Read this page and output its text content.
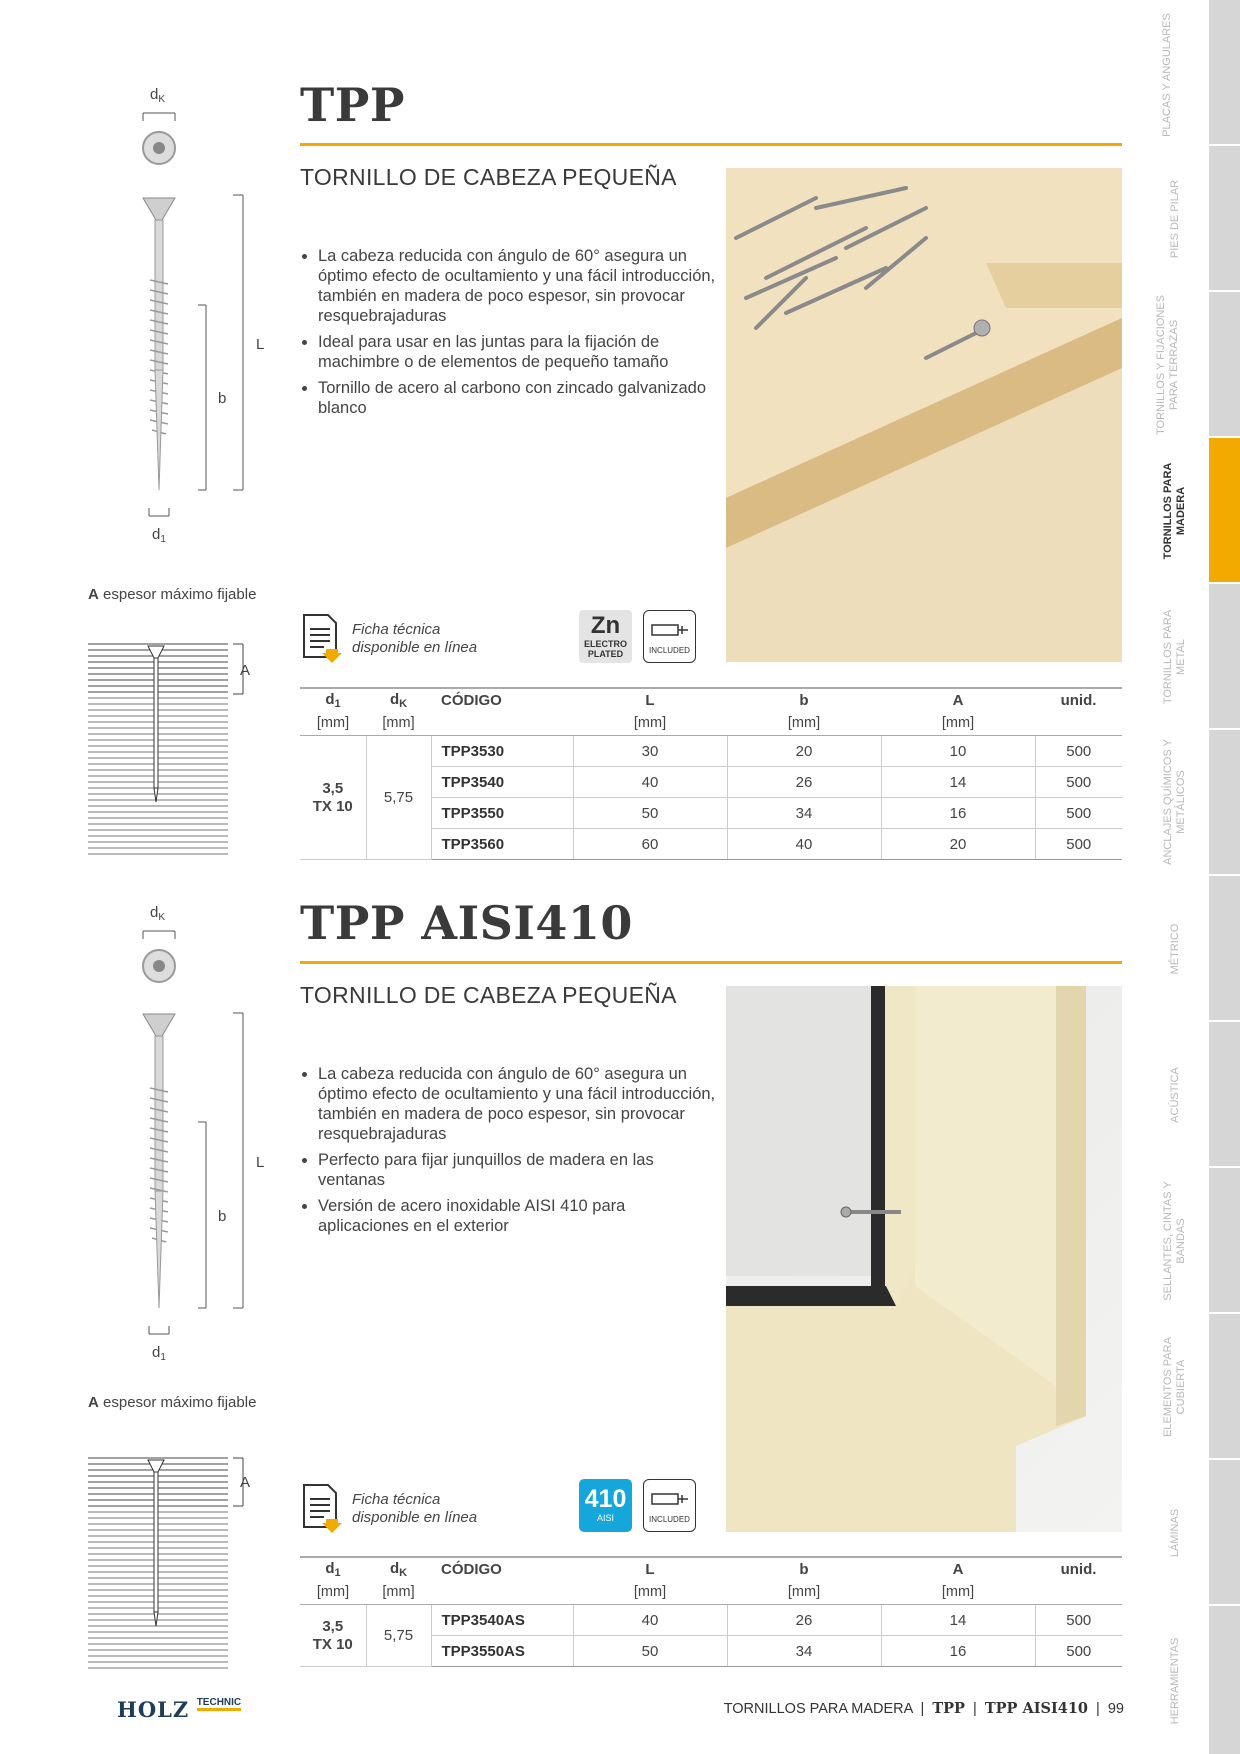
$d_K$
L
b
$d_1$
A espesor máximo fijable
A
TPP
TORNILLO DE CABEZA PEQUEÑA
• La cabeza reducida con ángulo de 60° asegura un óptimo efecto de ocultamiento y una fácil introducción, también en madera de poco espesor, sin provocar resquebrajaduras
• Ideal para usar en las juntas para la fijación de machimbre o de elementos de pequeño tamaño
• Tornillo de acero al carbono con zincado galvanizado blanco
Ficha técnica
disponible en línea
Zn
ELECTRO
PLATED	INCLUDED
$d_1$	$d_K$	CÓDIGO	L	b	A	unid.
[mm]	[mm]		[mm]	[mm]	[mm]	

3,5
TX 10	5,75	TPP3530	30	20	10	500
		TPP3540	40	26	14	500
		TPP3550	50	34	16	500
		TPP3560	60	40	20	500
$d_K$
L
b
$d_1$
A espesor máximo fijable
A
TPP AISI410
TORNILLO DE CABEZA PEQUEÑA
• La cabeza reducida con ángulo de 60° asegura un óptimo efecto de ocultamiento y una fácil introducción, también en madera de poco espesor, sin provocar resquebrajaduras
• Perfecto para fijar junquillos de madera en las ventanas
• Versión de acero inoxidable AISI 410 para aplicaciones en el exterior
Ficha técnica
disponible en línea
410
AISI	INCLUDED
$d_1$	$d_K$	CÓDIGO	L	b	A	unid.
[mm]	[mm]		[mm]	[mm]	[mm]	

3,5
TX 10	5,75	TPP3540AS	40	26	14	500
		TPP3550AS	50	34	16	500
PLACAS Y ANGULARES
PIES DE PILAR
TORNILLOS Y FIJACIONES PARA TERRAZAS
TORNILLOS PARA MADERA
TORNILLOS PARA METAL
ANCLAJES QUÍMICOS Y METÁLICOS
MÉTRICO
ACÚSTICA
SELLANTES, CINTAS Y BANDAS
ELEMENTOS PARA CUBIERTA
LÁMINAS
HERRAMIENTAS
HOLZ TECHNIC	TORNILLOS PARA MADERA | TPP | TPP AISI410 | 99
